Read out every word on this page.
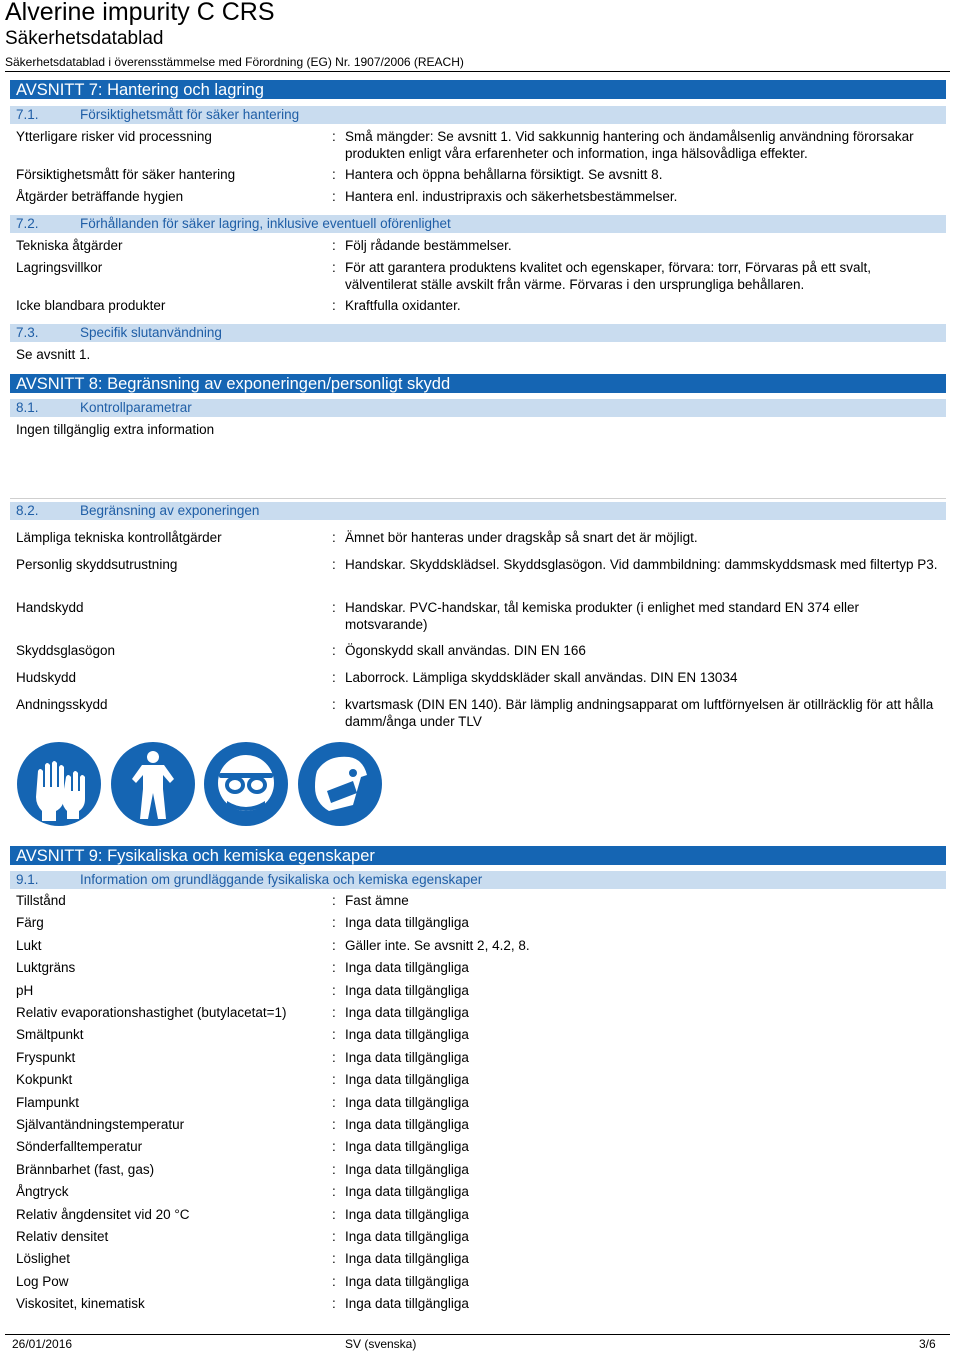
Alverine impurity C CRS
Säkerhetsdatablad
Säkerhetsdatablad i överensstämmelse med Förordning (EG) Nr. 1907/2006 (REACH)
AVSNITT 7: Hantering och lagring
7.1.	Försiktighetsmått för säker hantering
Ytterligare risker vid processning	: Små mängder: Se avsnitt 1. Vid sakkunnig hantering och ändamålsenlig användning förorsakar produkten enligt våra erfarenheter och information, inga hälsovådliga effekter.
Försiktighetsmått för säker hantering	: Hantera och öppna behållarna försiktigt. Se avsnitt 8.
Åtgärder beträffande hygien	: Hantera enl. industripraxis och säkerhetsbestämmelser.
7.2.	Förhållanden för säker lagring, inklusive eventuell oförenlighet
Tekniska åtgärder	: Följ rådande bestämmelser.
Lagringsvillkor	: För att garantera produktens kvalitet och egenskaper, förvara: torr, Förvaras på ett svalt, välventilerat ställe avskilt från värme. Förvaras i den ursprungliga behållaren.
Icke blandbara produkter	: Kraftfulla oxidanter.
7.3.	Specifik slutanvändning
Se avsnitt 1.
AVSNITT 8: Begränsning av exponeringen/personligt skydd
8.1.	Kontrollparametrar
Ingen tillgänglig extra information
8.2.	Begränsning av exponeringen
Lämpliga tekniska kontrollåtgärder	: Ämnet bör hanteras under dragskåp så snart det är möjligt.
Personlig skyddsutrustning	: Handskar. Skyddsklädsel. Skyddsglasögon. Vid dammbildning: dammskyddsmask med filtertyp P3.
Handskydd	: Handskar. PVC-handskar, tål kemiska produkter (i enlighet med standard EN 374 eller motsvarande)
Skyddsglasögon	: Ögonskydd skall användas. DIN EN 166
Hudskydd	: Laborrock. Lämpliga skyddskläder skall användas. DIN EN 13034
Andningsskydd	: kvartsmask (DIN EN 140). Bär lämplig andningsapparat om luftförnyelsen är otillräcklig för att hålla damm/ånga under TLV
AVSNITT 9: Fysikaliska och kemiska egenskaper
9.1.	Information om grundläggande fysikaliska och kemiska egenskaper
Tillstånd	: Fast ämne
Färg	: Inga data tillgängliga
Lukt	: Gäller inte. Se avsnitt 2, 4.2, 8.
Luktgräns	: Inga data tillgängliga
pH	: Inga data tillgängliga
Relativ evaporationshastighet (butylacetat=1)	: Inga data tillgängliga
Smältpunkt	: Inga data tillgängliga
Fryspunkt	: Inga data tillgängliga
Kokpunkt	: Inga data tillgängliga
Flampunkt	: Inga data tillgängliga
Självantändningstemperatur	: Inga data tillgängliga
Sönderfalltemperatur	: Inga data tillgängliga
Brännbarhet (fast, gas)	: Inga data tillgängliga
Ångtryck	: Inga data tillgängliga
Relativ ångdensitet vid 20 °C	: Inga data tillgängliga
Relativ densitet	: Inga data tillgängliga
Löslighet	: Inga data tillgängliga
Log Pow	: Inga data tillgängliga
Viskositet, kinematisk	: Inga data tillgängliga
26/01/2016	SV (svenska)	3/6
